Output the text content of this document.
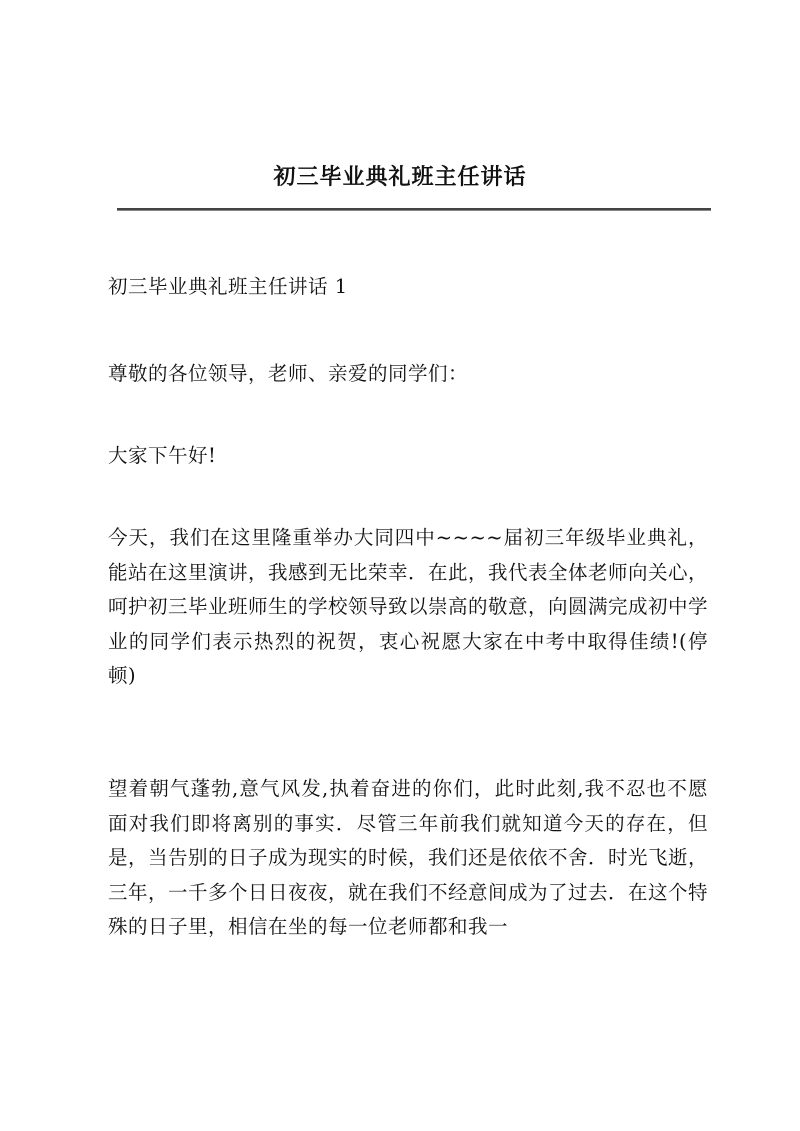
初三毕业典礼班主任讲话

初三毕业典礼班主任讲话 1

尊敬的各位领导，老师、亲爱的同学们：

大家下午好!

今天，我们在这里隆重举办大同四中~~~~届初三年级毕业典礼，能站在这里演讲，我感到无比荣幸．在此，我代表全体老师向关心，呵护初三毕业班师生的学校领导致以崇高的敬意，向圆满完成初中学业的同学们表示热烈的祝贺，衷心祝愿大家在中考中取得佳绩!(停顿)

望着朝气蓬勃,意气风发,执着奋进的你们，此时此刻,我不忍也不愿面对我们即将离别的事实．尽管三年前我们就知道今天的存在，但是，当告别的日子成为现实的时候，我们还是依依不舍．时光飞逝，三年，一千多个日日夜夜，就在我们不经意间成为了过去．在这个特殊的日子里，相信在坐的每一位老师都和我一
